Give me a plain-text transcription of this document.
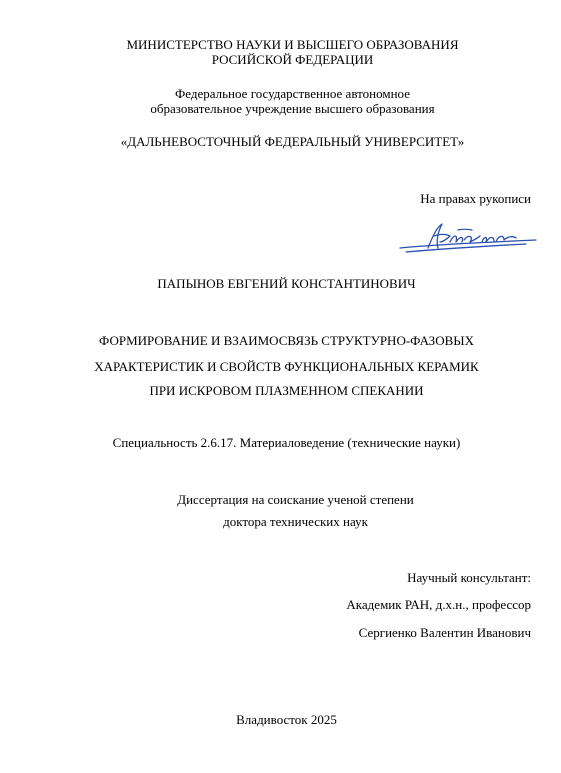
МИНИСТЕРСТВО НАУКИ И ВЫСШЕГО ОБРАЗОВАНИЯ
РОСИЙСКОЙ ФЕДЕРАЦИИ
Федеральное государственное автономное
образовательное учреждение высшего образования
«ДАЛЬНЕВОСТОЧНЫЙ ФЕДЕРАЛЬНЫЙ УНИВЕРСИТЕТ»
На правах рукописи
ПАПЫНОВ ЕВГЕНИЙ КОНСТАНТИНОВИЧ
ФОРМИРОВАНИЕ И ВЗАИМОСВЯЗЬ СТРУКТУРНО-ФАЗОВЫХ
ХАРАКТЕРИСТИК И СВОЙСТВ ФУНКЦИОНАЛЬНЫХ КЕРАМИК
ПРИ ИСКРОВОМ ПЛАЗМЕННОМ СПЕКАНИИ
Специальность 2.6.17. Материаловедение (технические науки)
Диссертация на соискание ученой степени
доктора технических наук
Научный консультант:
Академик РАН, д.х.н., профессор
Сергиенко Валентин Иванович
Владивосток 2025
